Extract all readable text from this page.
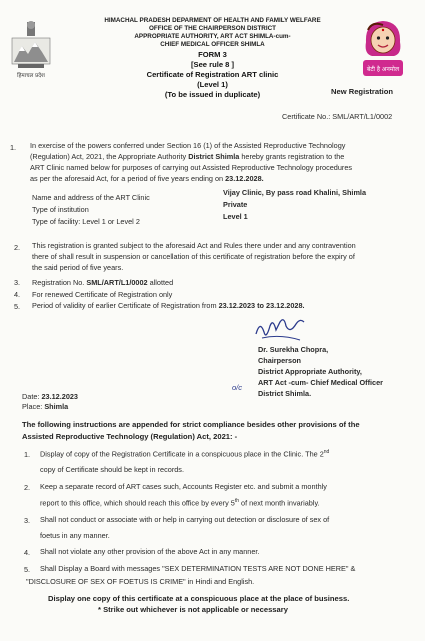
हिमाचल प्रदेश
बेटी है अनमोल
HIMACHAL PRADESH DEPARMENT OF HEALTH AND FAMILY WELFARE
OFFICE OF THE CHAIRPERSON DISTRICT
APPROPRIATE AUTHORITY, ART ACT SHIMLA-cum-
CHIEF MEDICAL OFFICER SHIMLA
FORM 3
[See rule 8 ]
Certificate of Registration ART clinic
(Level 1)
(To be issued in duplicate)	New Registration
Certificate No.: SML/ART/L1/0002
1. In exercise of the powers conferred under Section 16 (1) of the Assisted Reproductive Technology
(Regulation) Act, 2021, the Appropriate Authority District Shimla hereby grants registration to the
ART Clinic named below for purposes of carrying out Assisted Reproductive Technology procedures
as per the aforesaid Act, for a period of five years ending on 23.12.2028.
Name and address of the ART Clinic
Vijay Clinic, By pass road Khalini, Shimla
Type of institution
Private
Type of facility: Level 1 or Level 2
Level 1
2. This registration is granted subject to the aforesaid Act and Rules there under and any contravention
there of shall result in suspension or cancellation of this certificate of registration before the expiry of
the said period of five years.
3. Registration No. SML/ART/L1/0002 allotted
4. For renewed Certificate of Registration only
5. Period of validity of earlier Certificate of Registration from 23.12.2023 to 23.12.2028.
Dr. Surekha Chopra,
Chairperson
District Appropriate Authority,
ART Act -cum- Chief Medical Officer
District Shimla.
o/c
Date: 23.12.2023
Place: Shimla
The following instructions are appended for strict compliance besides other provisions of the
Assisted Reproductive Technology (Regulation) Act, 2021: -
1. Display of copy of the Registration Certificate in a conspicuous place in the Clinic. The 2nd
copy of Certificate should be kept in records.
2. Keep a separate record of ART cases such, Accounts Register etc. and submit a monthly
report to this office, which should reach this office by every 5th of next month invariably.
3. Shall not conduct or associate with or help in carrying out detection or disclosure of sex of
foetus in any manner.
4. Shall not violate any other provision of the above Act in any manner.
5. Shall Display a Board with messages "SEX DETERMINATION TESTS ARE NOT DONE HERE" &
"DISCLOSURE OF SEX OF FOETUS IS CRIME" in Hindi and English.
Display one copy of this certificate at a conspicuous place at the place of business.
* Strike out whichever is not applicable or necessary
